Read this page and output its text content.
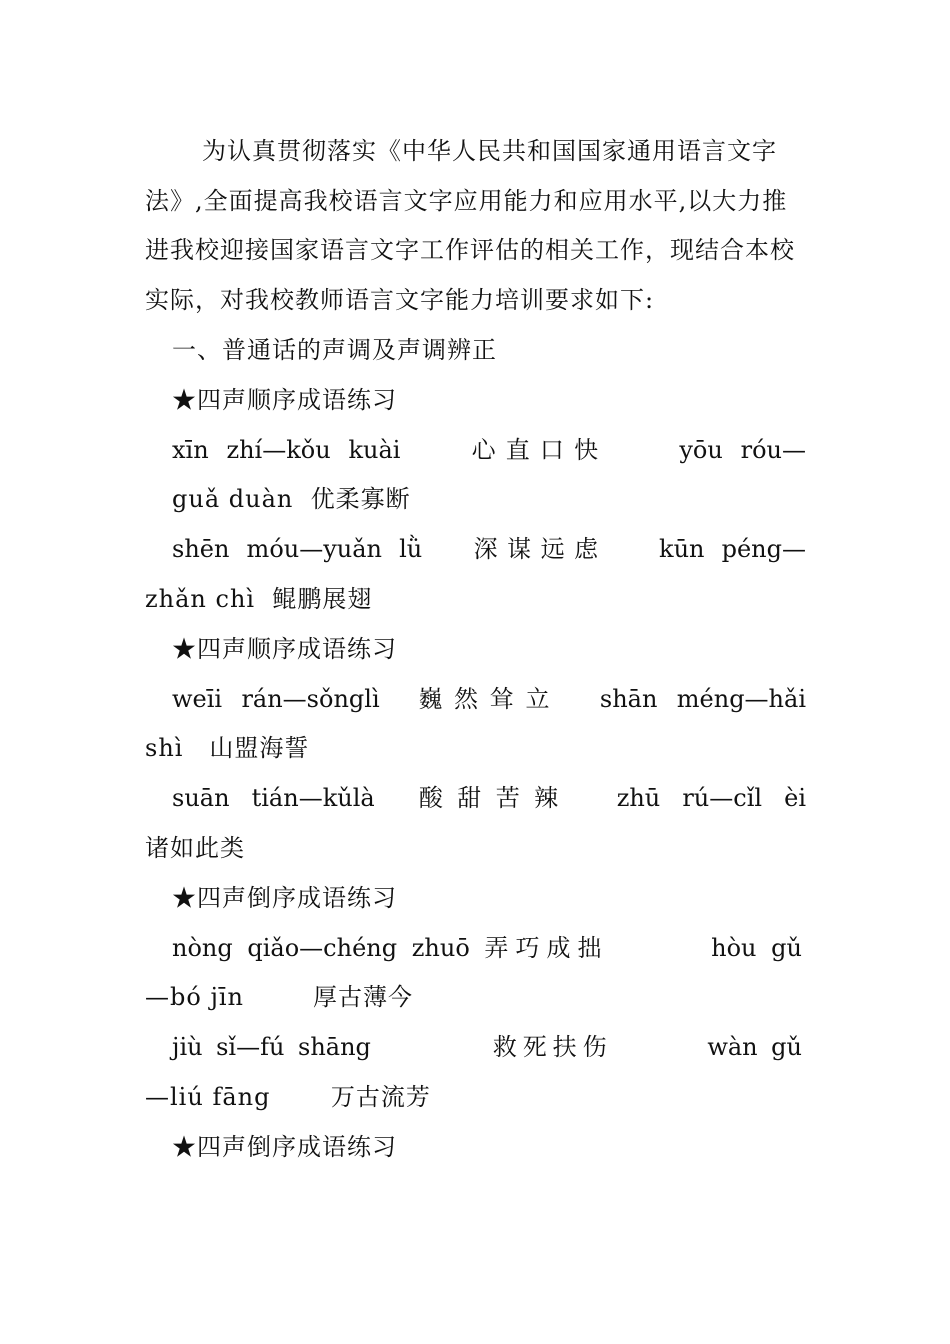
为认真贯彻落实《中华人民共和国国家通用语言文字

法》,全面提高我校语言文字应用能力和应用水平,以大力推

进我校迎接国家语言文字工作评估的相关工作，现结合本校

实际，对我校教师语言文字能力培训要求如下:

一、普通话的声调及声调辨正

★四声顺序成语练习

xīn zhí—kǒu kuài    心直口快    yōu róu—

guǎ duàn  优柔寡断

shēn móu—yuǎn lǜ   深谋远虑   kūn péng—

zhǎn chì  鲲鹏展翅

★四声顺序成语练习

weīi rán—sǒnglì  巍然耸立  shān méng—hǎi

shì   山盟海誓

suān tián—kǔlà  酸甜苦辣  zhū rú—cǐl èi

诸如此类

★四声倒序成语练习

nòng qiǎo—chéng zhuō 弄巧成拙       hòu gǔ

—bó jīn        厚古薄今

jiù sǐ—fú shāng         救死扶伤       wàn gǔ

—liú fāng       万古流芳

★四声倒序成语练习
